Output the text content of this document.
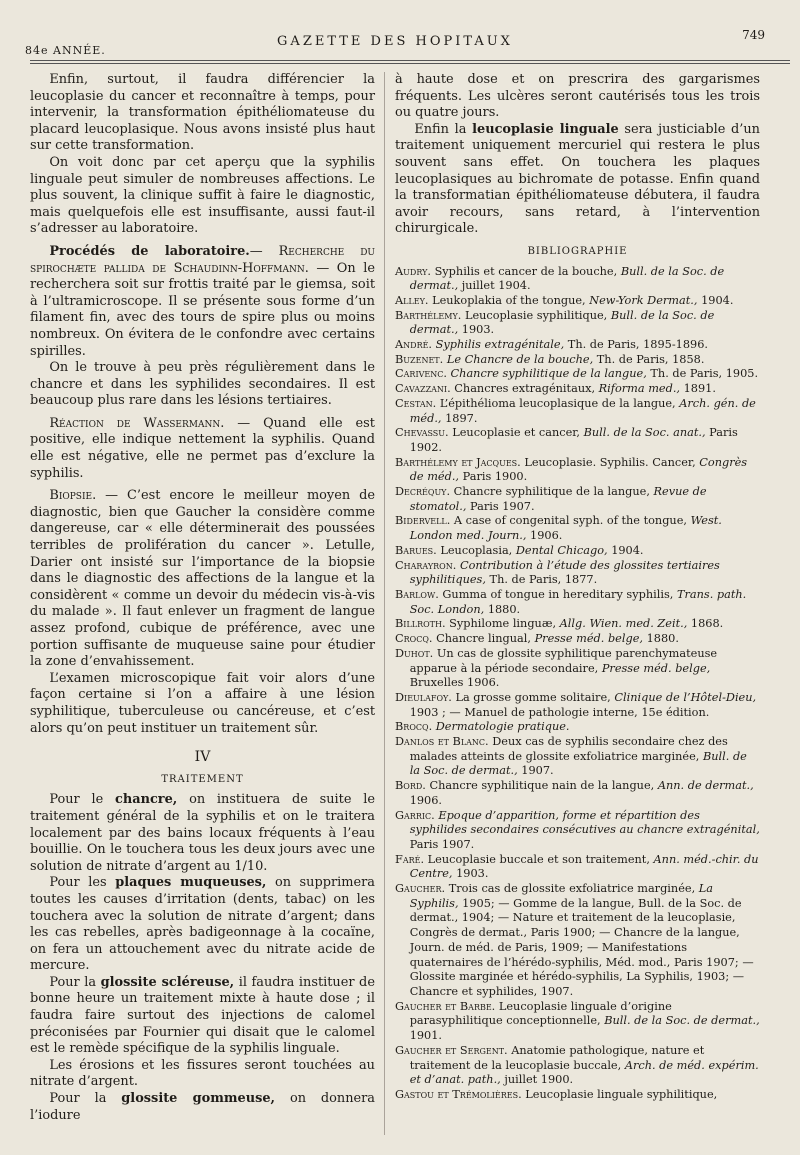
84e ANNÉE.
GAZETTE DES HOPITAUX	749

Enfin, surtout, il faudra différencier la leucoplasie du cancer et reconnaître à temps, pour intervenir, la transformation épithéliomateuse du placard leucoplasique. Nous avons insisté plus haut sur cette transformation.

On voit donc par cet aperçu que la syphilis linguale peut simuler de nombreuses affections. Le plus souvent, la clinique suffit à faire le diagnostic, mais quelquefois elle est insuffisante, aussi faut-il s’adresser au laboratoire.

Procédés de laboratoire.— Recherche du spirochæte pallida de Schaudinn-Hoffmann. — On le recherchera soit sur frottis traité par le giemsa, soit à l’ultramicroscope. Il se présente sous forme d’un filament fin, avec des tours de spire plus ou moins nombreux. On évitera de le confondre avec certains spirilles.

On le trouve à peu près régulièrement dans le chancre et dans les syphilides secondaires. Il est beaucoup plus rare dans les lésions tertiaires.

Réaction de Wassermann. — Quand elle est positive, elle indique nettement la syphilis. Quand elle est négative, elle ne permet pas d’exclure la syphilis.

Biopsie. — C’est encore le meilleur moyen de diagnostic, bien que Gaucher la considère comme dangereuse, car « elle déterminerait des poussées terribles de prolifération du cancer ». Letulle, Darier ont insisté sur l’importance de la biopsie dans le diagnostic des affections de la langue et la considèrent « comme un devoir du médecin vis-à-vis du malade ». Il faut enlever un fragment de langue assez profond, cubique de préférence, avec une portion suffisante de muqueuse saine pour étudier la zone d’envahissement.

L’examen microscopique fait voir alors d’une façon certaine si l’on a affaire à une lésion syphilitique, tuberculeuse ou cancéreuse, et c’est alors qu’on peut instituer un traitement sûr.

IV
TRAITEMENT

Pour le chancre, on instituera de suite le traitement général de la syphilis et on le traitera localement par des bains locaux fréquents à l’eau bouillie. On le touchera tous les deux jours avec une solution de nitrate d’argent au 1/10.

Pour les plaques muqueuses, on supprimera toutes les causes d’irritation (dents, tabac) on les touchera avec la solution de nitrate d’argent; dans les cas rebelles, après badigeonnage à la cocaïne, on fera un attouchement avec du nitrate acide de mercure.

Pour la glossite scléreuse, il faudra instituer de bonne heure un traitement mixte à haute dose ; il faudra faire surtout des injections de calomel préconisées par Fournier qui disait que le calomel est le remède spécifique de la syphilis linguale.

Les érosions et les fissures seront touchées au nitrate d’argent.

Pour la glossite gommeuse, on donnera l’iodure

à haute dose et on prescrira des gargarismes fréquents. Les ulcères seront cautérisés tous les trois ou quatre jours.

Enfin la leucoplasie linguale sera justiciable d’un traitement uniquement mercuriel qui restera le plus souvent sans effet. On touchera les plaques leucoplasiques au bichromate de potasse. Enfin quand la transformatian épithéliomateuse débutera, il faudra avoir recours, sans retard, à l’intervention chirurgicale.

BIBLIOGRAPHIE

Audry. Syphilis et cancer de la bouche, Bull. de la Soc. de dermat., juillet 1904.

Alley. Leukoplakia of the tongue, New-York Dermat., 1904.

Barthélemy. Leucoplasie syphilitique, Bull. de la Soc. de dermat., 1903.

André. Syphilis extragénitale, Th. de Paris, 1895-1896.

Buzenet. Le Chancre de la bouche, Th. de Paris, 1858.

Carivenc. Chancre syphilitique de la langue, Th. de Paris, 1905.

Cavazzani. Chancres extragénitaux, Riforma med., 1891.

Cestan. L’épithélioma leucoplasique de la langue, Arch. gén. de méd., 1897.

Chevassu. Leucoplasie et cancer, Bull. de la Soc. anat., Paris 1902.

Barthélemy et Jacques. Leucoplasie. Syphilis. Cancer, Congrès de méd., Paris 1900.

Decréquy. Chancre syphilitique de la langue, Revue de stomatol., Paris 1907.

Bidervell. A case of congenital syph. of the tongue, West. London med. Journ., 1906.

Barues. Leucoplasia, Dental Chicago, 1904.

Charayron. Contribution à l’étude des glossites tertiaires syphilitiques, Th. de Paris, 1877.

Barlow. Gumma of tongue in hereditary syphilis, Trans. path. Soc. London, 1880.

Billroth. Syphilome linguæ, Allg. Wien. med. Zeit., 1868.

Crocq. Chancre lingual, Presse méd. belge, 1880.

Duhot. Un cas de glossite syphilitique parenchymateuse apparue à la période secondaire, Presse méd. belge, Bruxelles 1906.

Dieulafoy. La grosse gomme solitaire, Clinique de l’Hôtel-Dieu, 1903 ; — Manuel de pathologie interne, 15e édition.

Brocq. Dermatologie pratique.

Danlos et Blanc. Deux cas de syphilis secondaire chez des malades atteints de glossite exfoliatrice marginée, Bull. de la Soc. de dermat., 1907.

Bord. Chancre syphilitique nain de la langue, Ann. de dermat., 1906.

Garric. Epoque d’apparition, forme et répartition des syphilides secondaires consécutives au chancre extragénital, Paris 1907.

Faré. Leucoplasie buccale et son traitement, Ann. méd.-chir. du Centre, 1903.

Gaucher. Trois cas de glossite exfoliatrice marginée, La Syphilis, 1905; — Gomme de la langue, Bull. de la Soc. de dermat., 1904; — Nature et traitement de la leucoplasie, Congrès de dermat., Paris 1900; — Chancre de la langue, Journ. de méd. de Paris, 1909; — Manifestations quaternaires de l’hérédo-syphilis, Méd. mod., Paris 1907; — Glossite marginée et hérédo-syphilis, La Syphilis, 1903; — Chancre et syphilides, 1907.

Gaucher et Barbe. Leucoplasie linguale d’origine parasyphilitique conceptionnelle, Bull. de la Soc. de dermat., 1901.

Gaucher et Sergent. Anatomie pathologique, nature et traitement de la leucoplasie buccale, Arch. de méd. expérim. et d’anat. path., juillet 1900.

Gastou et Trémolières. Leucoplasie linguale syphilitique,
